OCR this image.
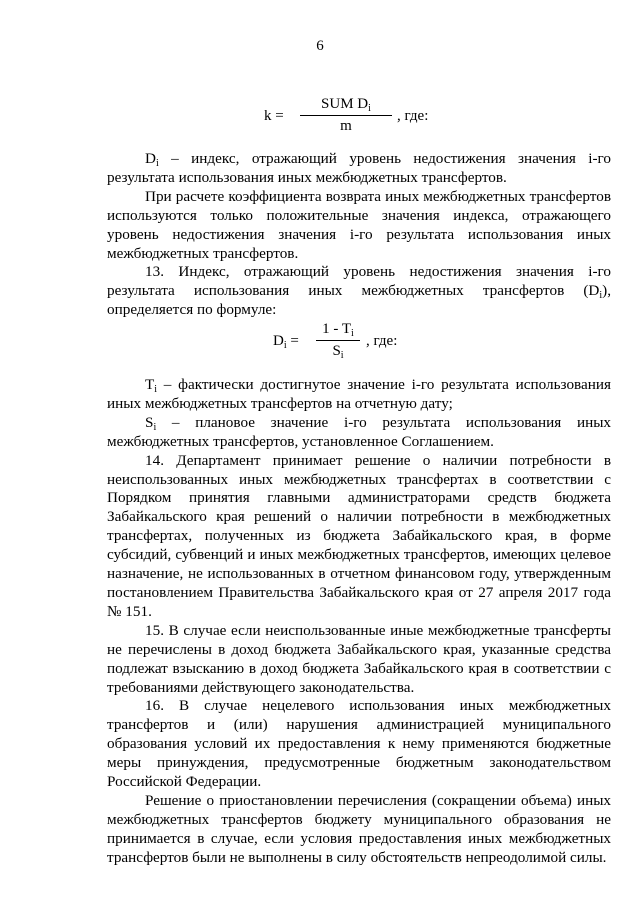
6
k =
SUM $D_i$
m
, где:

$D_i$ – индекс, отражающий уровень недостижения значения i-го результата использования иных межбюджетных трансфертов.

При расчете коэффициента возврата иных межбюджетных трансфертов используются только положительные значения индекса, отражающего уровень недостижения значения i-го результата использования иных межбюджетных трансфертов.

13. Индекс, отражающий уровень недостижения значения i-го результата использования иных межбюджетных трансфертов $(D_i)$, определяется по формуле:

$D_i$ =
$1 - T_i$
$S_i$
, где:

$T_i$ – фактически достигнутое значение i-го результата использования иных межбюджетных трансфертов на отчетную дату;

$S_i$ – плановое значение i-го результата использования иных межбюджетных трансфертов, установленное Соглашением.

14. Департамент принимает решение о наличии потребности в неиспользованных иных межбюджетных трансфертах в соответствии с Порядком принятия главными администраторами средств бюджета Забайкальского края решений о наличии потребности в межбюджетных трансфертах, полученных из бюджета Забайкальского края, в форме субсидий, субвенций и иных межбюджетных трансфертов, имеющих целевое назначение, не использованных в отчетном финансовом году, утвержденным постановлением Правительства Забайкальского края от 27 апреля 2017 года № 151.

15. В случае если неиспользованные иные межбюджетные трансферты не перечислены в доход бюджета Забайкальского края, указанные средства подлежат взысканию в доход бюджета Забайкальского края в соответствии с требованиями действующего законодательства.

16. В случае нецелевого использования иных межбюджетных трансфертов и (или) нарушения администрацией муниципального образования условий их предоставления к нему применяются бюджетные меры принуждения, предусмотренные бюджетным законодательством Российской Федерации.

Решение о приостановлении перечисления (сокращении объема) иных межбюджетных трансфертов бюджету муниципального образования не принимается в случае, если условия предоставления иных межбюджетных трансфертов были не выполнены в силу обстоятельств непреодолимой силы.
